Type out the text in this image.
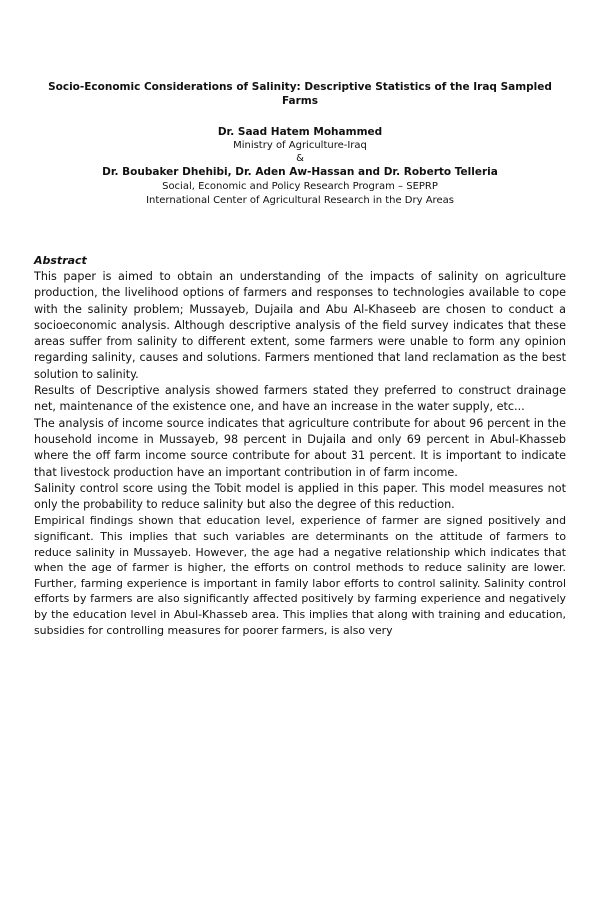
Socio-Economic Considerations of Salinity: Descriptive Statistics of the Iraq Sampled Farms
Dr. Saad Hatem Mohammed
Ministry of Agriculture-Iraq
&
Dr. Boubaker Dhehibi, Dr. Aden Aw-Hassan and Dr. Roberto Telleria
Social, Economic and Policy Research Program – SEPRP
International Center of Agricultural Research in the Dry Areas
Abstract

This paper is aimed to obtain an understanding of the impacts of salinity on agriculture production, the livelihood options of farmers and responses to technologies available to cope with the salinity problem; Mussayeb, Dujaila and Abu Al-Khaseeb are chosen to conduct a socioeconomic analysis. Although descriptive analysis of the field survey indicates that these areas suffer from salinity to different extent, some farmers were unable to form any opinion regarding salinity, causes and solutions. Farmers mentioned that land reclamation as the best solution to salinity.

Results of Descriptive analysis showed farmers stated they preferred to construct drainage net, maintenance of the existence one, and have an increase in the water supply, etc...

The analysis of income source indicates that agriculture contribute for about 96 percent in the household income in Mussayeb, 98 percent in Dujaila and only 69 percent in Abul-Khasseb where the off farm income source contribute for about 31 percent. It is important to indicate that livestock production have an important contribution in of farm income.

Salinity control score using the Tobit model is applied in this paper. This model measures not only the probability to reduce salinity but also the degree of this reduction.

Empirical findings shown that education level, experience of farmer are signed positively and significant. This implies that such variables are determinants on the attitude of farmers to reduce salinity in Mussayeb. However, the age had a negative relationship which indicates that when the age of farmer is higher, the efforts on control methods to reduce salinity are lower. Further, farming experience is important in family labor efforts to control salinity. Salinity control efforts by farmers are also significantly affected positively by farming experience and negatively by the education level in Abul-Khasseb area. This implies that along with training and education, subsidies for controlling measures for poorer farmers, is also very
